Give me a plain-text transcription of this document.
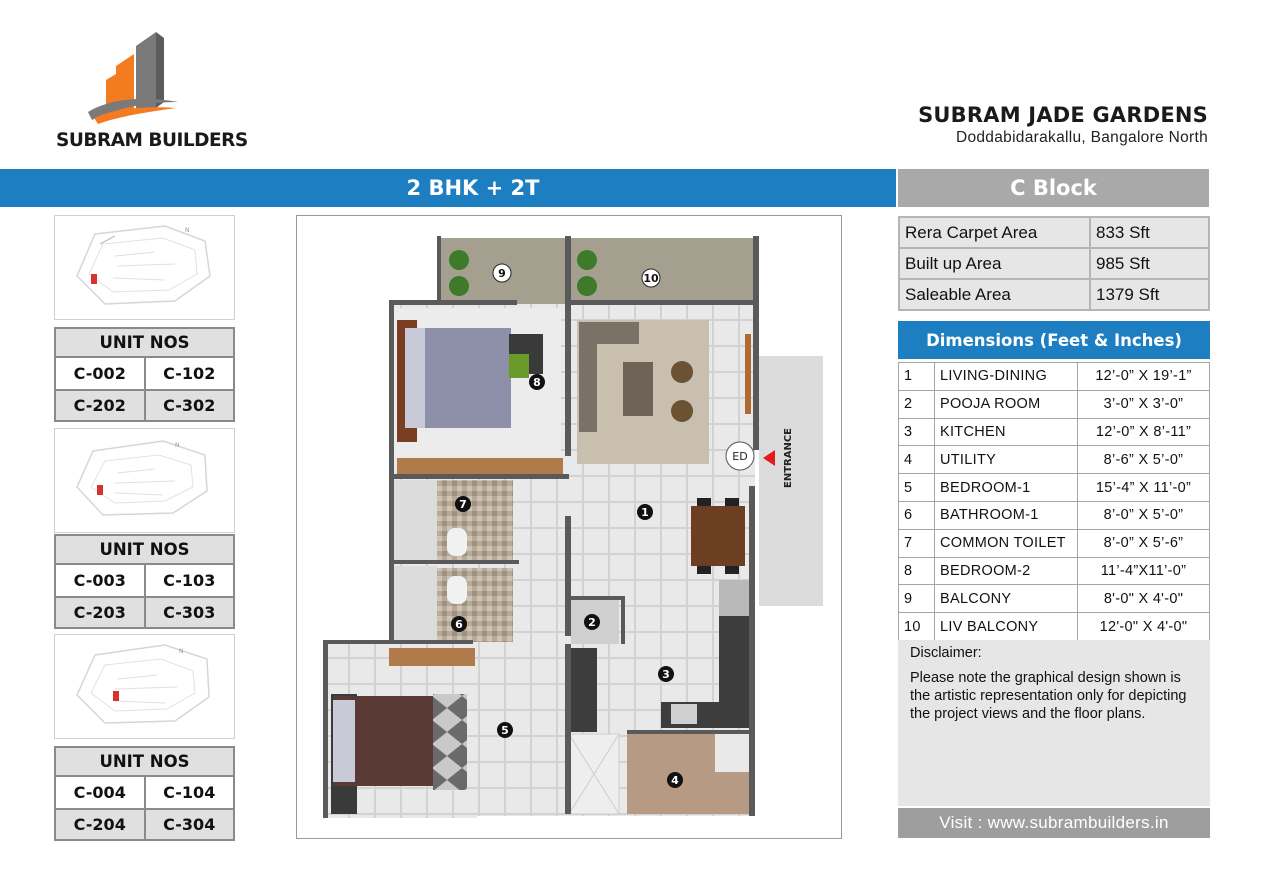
SUBRAM BUILDERS
SUBRAM JADE GARDENS
Doddabidarakallu, Bangalore North
2 BHK + 2T	C Block
N
UNIT NOS
C-002	C-102
C-202	C-302
N
UNIT NOS
C-003	C-103
C-203	C-303
N
UNIT NOS
C-004	C-104
C-204	C-304
9	10
8
1
7
6	2
3
5
4
ED	ENTRANCE
Rera Carpet Area	833 Sft
Built up Area	985 Sft
Saleable Area	1379 Sft
Dimensions (Feet & Inches)
1	LIVING-DINING	12’-0” X 19’-1”
2	POOJA ROOM	3’-0” X 3’-0”
3	KITCHEN	12’-0” X 8’-11”
4	UTILITY	8’-6” X 5’-0”
5	BEDROOM-1	15’-4” X 11’-0”
6	BATHROOM-1	8’-0” X 5’-0”
7	COMMON TOILET	8’-0” X 5’-6”
8	BEDROOM-2	11’-4”X11’-0”
9	BALCONY	8'-0" X 4'-0"
10	LIV BALCONY	12'-0" X 4'-0"

Disclaimer:

Please note the graphical design shown is the artistic representation only for depicting the project views and the floor plans.

Visit : www.subrambuilders.in
